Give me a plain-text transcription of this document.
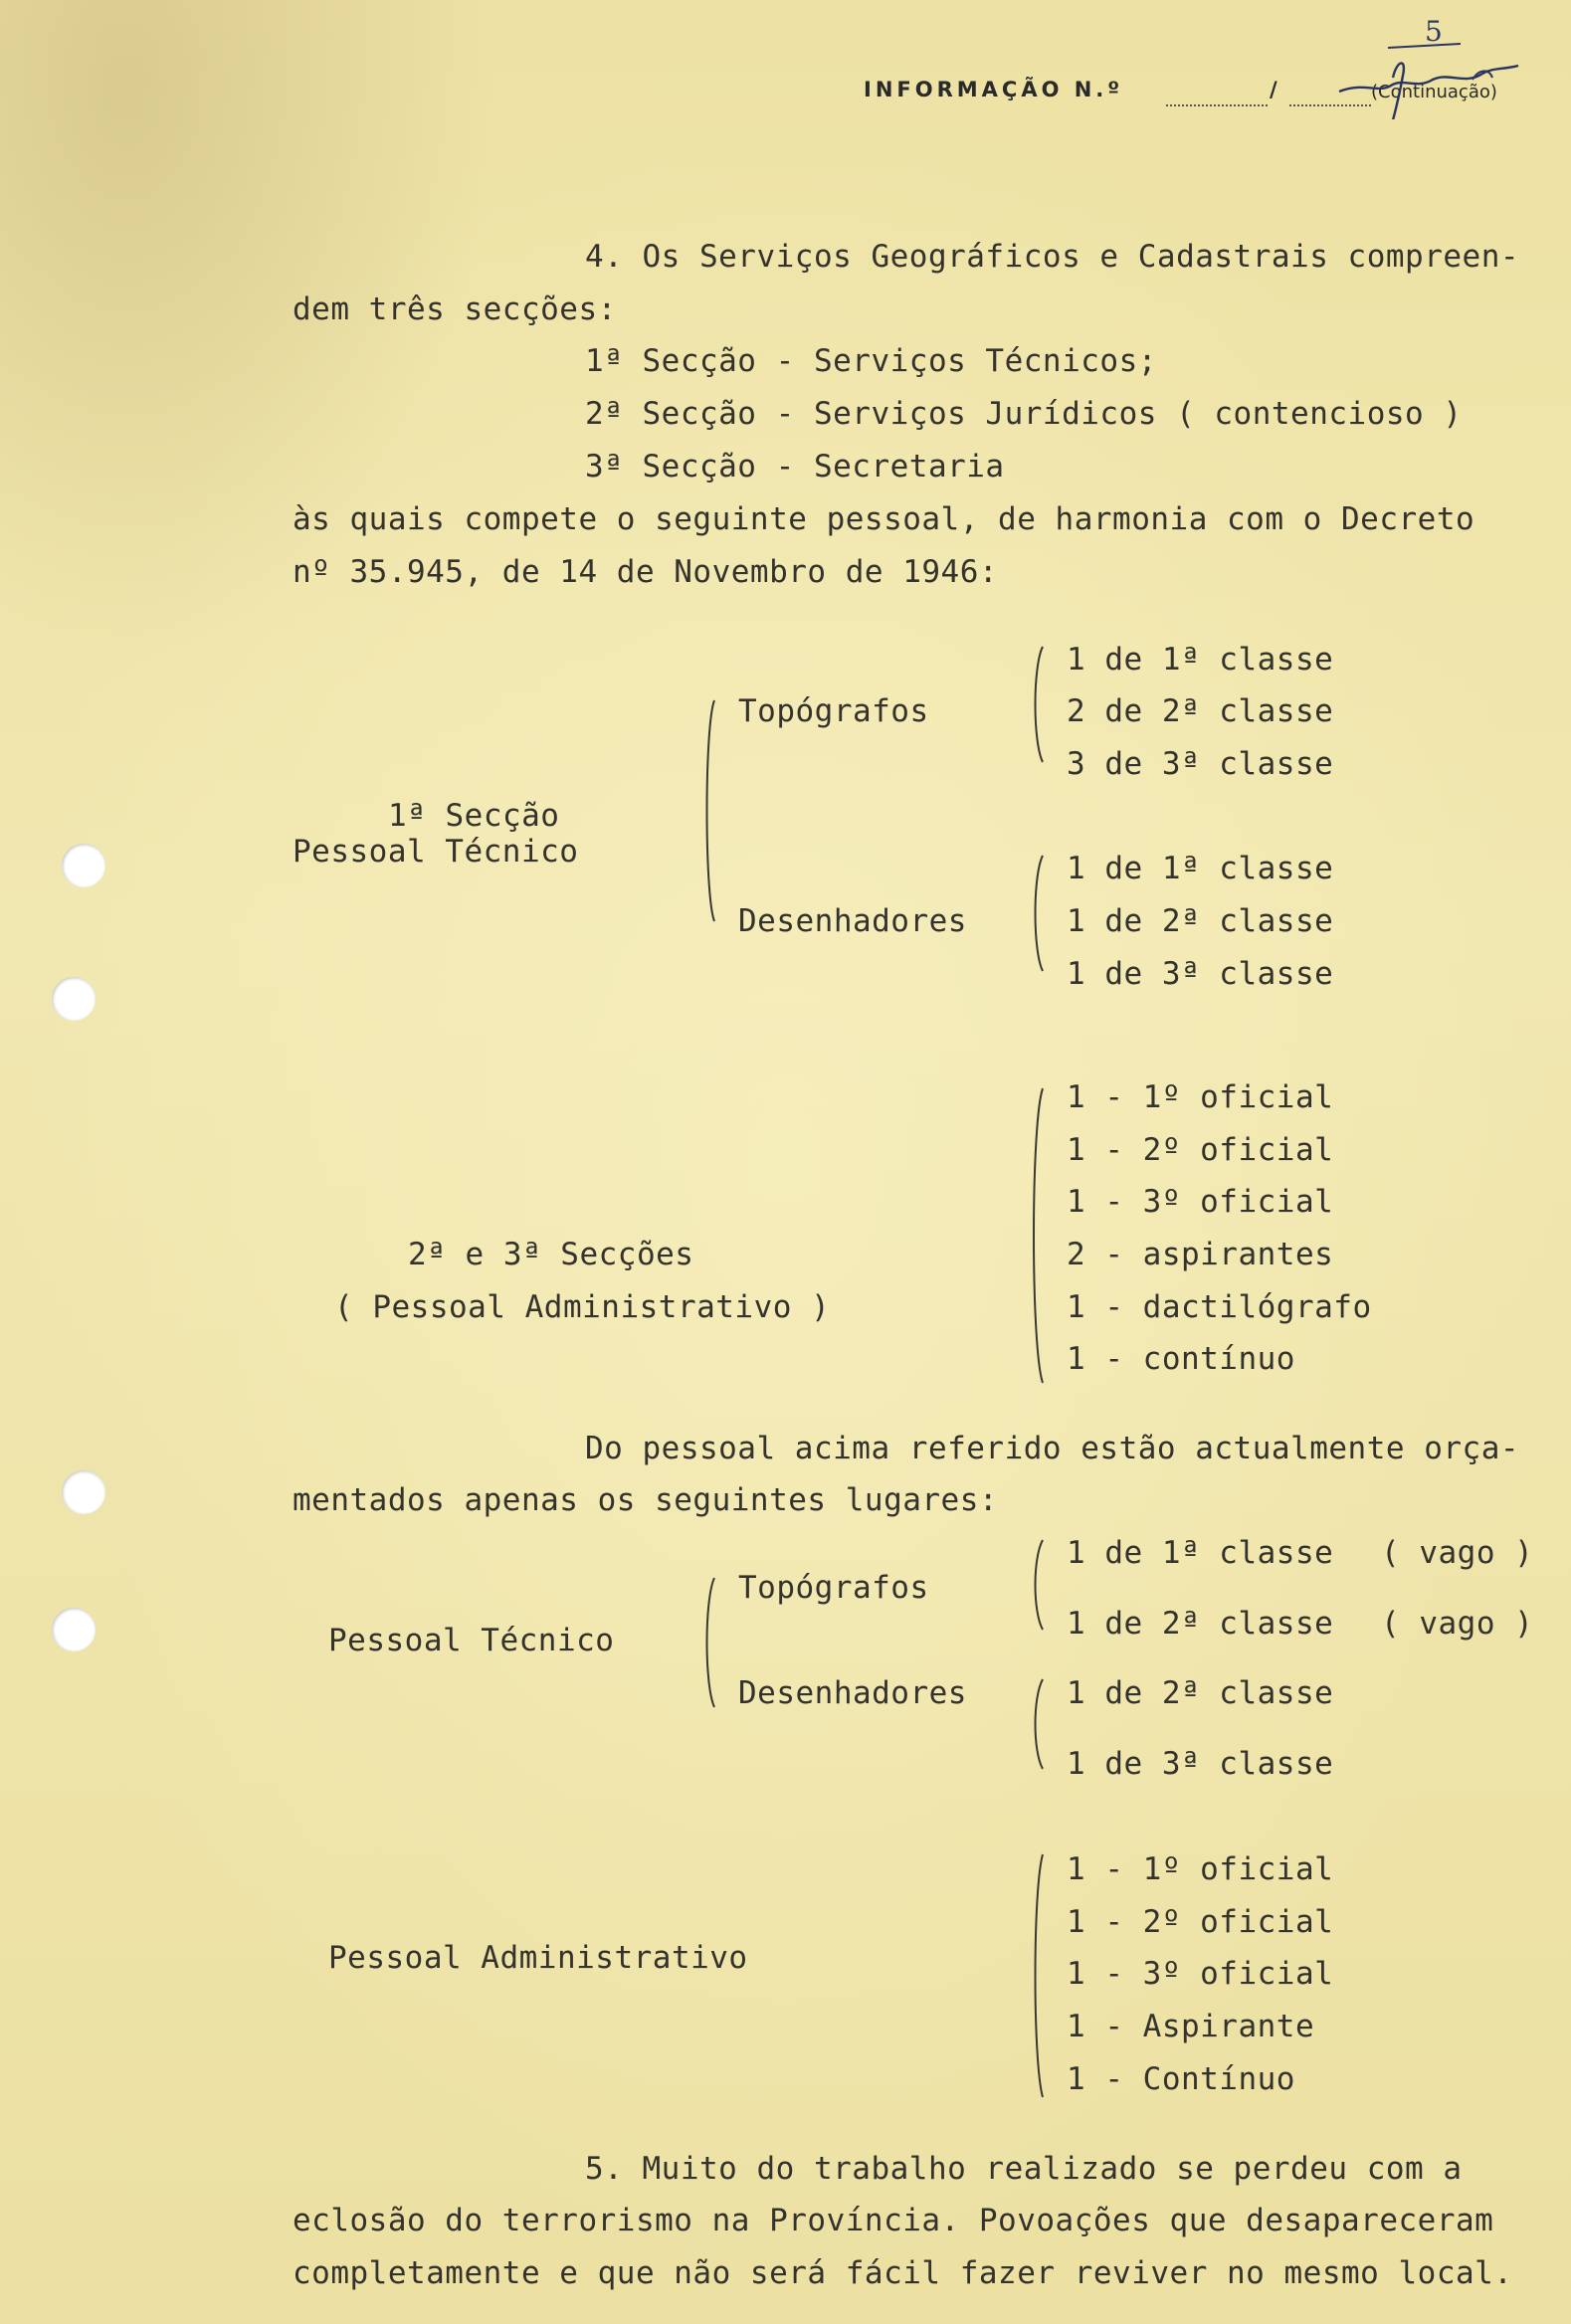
INFORMAÇÃO N.º	/	(Continuação)
5
4. Os Serviços Geográficos e Cadastrais compreen-
dem três secções:
1ª Secção - Serviços Técnicos;
2ª Secção - Serviços Jurídicos ( contencioso )
3ª Secção - Secretaria
às quais compete o seguinte pessoal, de harmonia com o Decreto
nº 35.945, de 14 de Novembro de 1946:
1ª Secção
Pessoal Técnico
Topógrafos
Desenhadores
1 de 1ª classe
2 de 2ª classe
3 de 3ª classe
1 de 1ª classe
1 de 2ª classe
1 de 3ª classe
2ª e 3ª Secções
( Pessoal Administrativo )
1 - 1º oficial
1 - 2º oficial
1 - 3º oficial
2 - aspirantes
1 - dactilógrafo
1 - contínuo
Do pessoal acima referido estão actualmente orça-
mentados apenas os seguintes lugares:
Pessoal Técnico
Topógrafos
Desenhadores
1 de 1ª classe ( vago )
1 de 2ª classe ( vago )
1 de 2ª classe
1 de 3ª classe
Pessoal Administrativo
1 - 1º oficial
1 - 2º oficial
1 - 3º oficial
1 - Aspirante
1 - Contínuo
5. Muito do trabalho realizado se perdeu com a
eclosão do terrorismo na Província. Povoações que desapareceram
completamente e que não será fácil fazer reviver no mesmo local.
